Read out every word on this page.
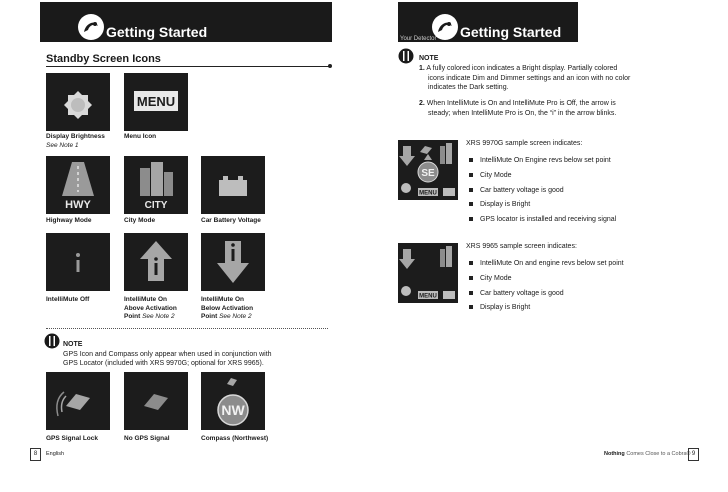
Getting Started
Standby Screen Icons
MENU
Display Brightness
See Note 1
Menu Icon
HWY	CITY
Highway Mode	City Mode	Car Battery Voltage
IntelliMute Off	IntelliMute On
Above Activation
Point See Note 2
IntelliMute On
Below Activation
Point See Note 2
NOTE
GPS Icon and Compass only appear when used in conjunction with
GPS Locator (included with XRS 9970G; optional for XRS 9965).
NW
GPS Signal Lock	No GPS Signal	Compass (Northwest)
8	English
Your Detector Getting Started
NOTE
1. A fully colored icon indicates a Bright display. Partially colored
icons indicate Dim and Dimmer settings and an icon with no color
indicates the Dark setting.
2. When IntelliMute is On and IntelliMute Pro is Off, the arrow is
steady; when IntelliMute Pro is On, the “i” in the arrow blinks.
SE
MENU
XRS 9970G sample screen indicates:
IntelliMute On Engine revs below set point
City Mode
Car battery voltage is good
Display is Bright
GPS locator is installed and receiving signal
MENU
XRS 9965 sample screen indicates:
IntelliMute On and engine revs below set point
City Mode
Car battery voltage is good
Display is Bright
Nothing Comes Close to a Cobra® 9
